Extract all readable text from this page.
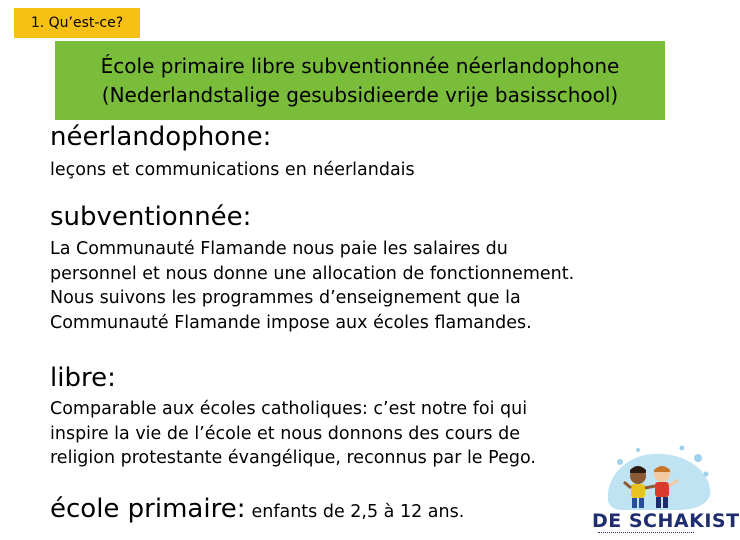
1. Qu’est-ce?
École primaire libre subventionnée néerlandophone
(Nederlandstalige gesubsidieerde vrije basisschool)
néerlandophone:
leçons et communications en néerlandais
subventionnée:
La Communauté Flamande nous paie les salaires du
personnel et nous donne une allocation de fonctionnement.
Nous suivons les programmes d’enseignement que la
Communauté Flamande impose aux écoles flamandes.
libre:
Comparable aux écoles catholiques: c’est notre foi qui
inspire la vie de l’école et nous donnons des cours de
religion protestante évangélique, reconnus par le Pego.
école primaire: enfants de 2,5 à 12 ans.	DE SCHAKIST
